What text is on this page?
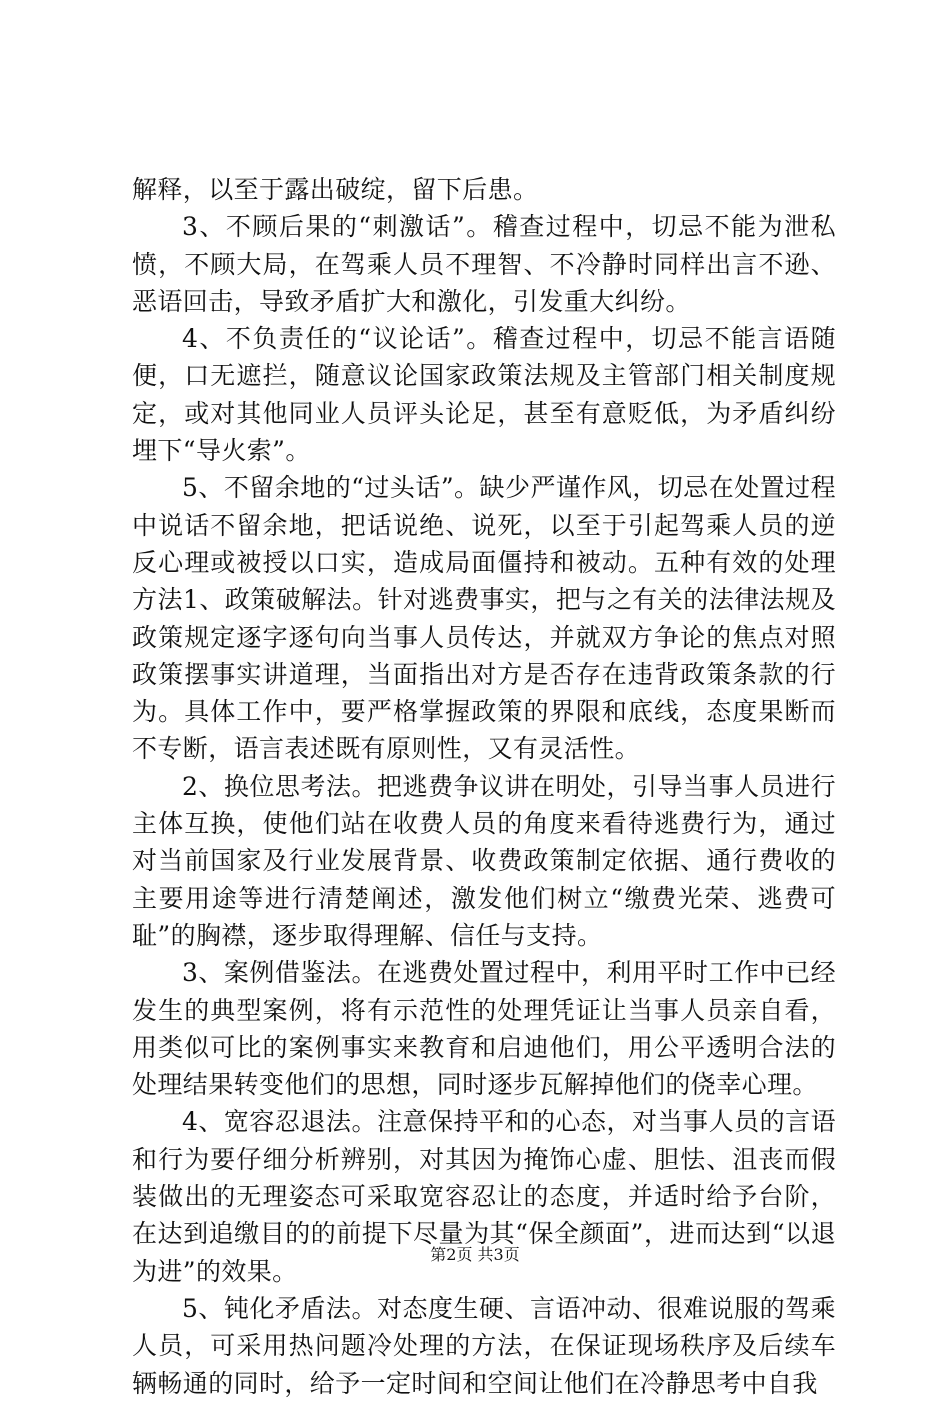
解释，以至于露出破绽，留下后患。

3、不顾后果的“刺激话”。稽查过程中，切忌不能为泄私愤，不顾大局，在驾乘人员不理智、不冷静时同样出言不逊、恶语回击，导致矛盾扩大和激化，引发重大纠纷。

4、不负责任的“议论话”。稽查过程中，切忌不能言语随便，口无遮拦，随意议论国家政策法规及主管部门相关制度规定，或对其他同业人员评头论足，甚至有意贬低，为矛盾纠纷埋下“导火索”。

5、不留余地的“过头话”。缺少严谨作风，切忌在处置过程中说话不留余地，把话说绝、说死，以至于引起驾乘人员的逆反心理或被授以口实，造成局面僵持和被动。五种有效的处理方法1、政策破解法。针对逃费事实，把与之有关的法律法规及政策规定逐字逐句向当事人员传达，并就双方争论的焦点对照政策摆事实讲道理，当面指出对方是否存在违背政策条款的行为。具体工作中，要严格掌握政策的界限和底线，态度果断而不专断，语言表述既有原则性，又有灵活性。

2、换位思考法。把逃费争议讲在明处，引导当事人员进行主体互换，使他们站在收费人员的角度来看待逃费行为，通过对当前国家及行业发展背景、收费政策制定依据、通行费收的主要用途等进行清楚阐述，激发他们树立“缴费光荣、逃费可耻”的胸襟，逐步取得理解、信任与支持。

3、案例借鉴法。在逃费处置过程中，利用平时工作中已经发生的典型案例，将有示范性的处理凭证让当事人员亲自看，用类似可比的案例事实来教育和启迪他们，用公平透明合法的处理结果转变他们的思想，同时逐步瓦解掉他们的侥幸心理。

4、宽容忍退法。注意保持平和的心态，对当事人员的言语和行为要仔细分析辨别，对其因为掩饰心虚、胆怯、沮丧而假装做出的无理姿态可采取宽容忍让的态度，并适时给予台阶，在达到追缴目的的前提下尽量为其“保全颜面”，进而达到“以退为进”的效果。

5、钝化矛盾法。对态度生硬、言语冲动、很难说服的驾乘人员，可采用热问题冷处理的方法，在保证现场秩序及后续车辆畅通的同时，给予一定时间和空间让他们在冷静思考中自我

第2页 共3页
